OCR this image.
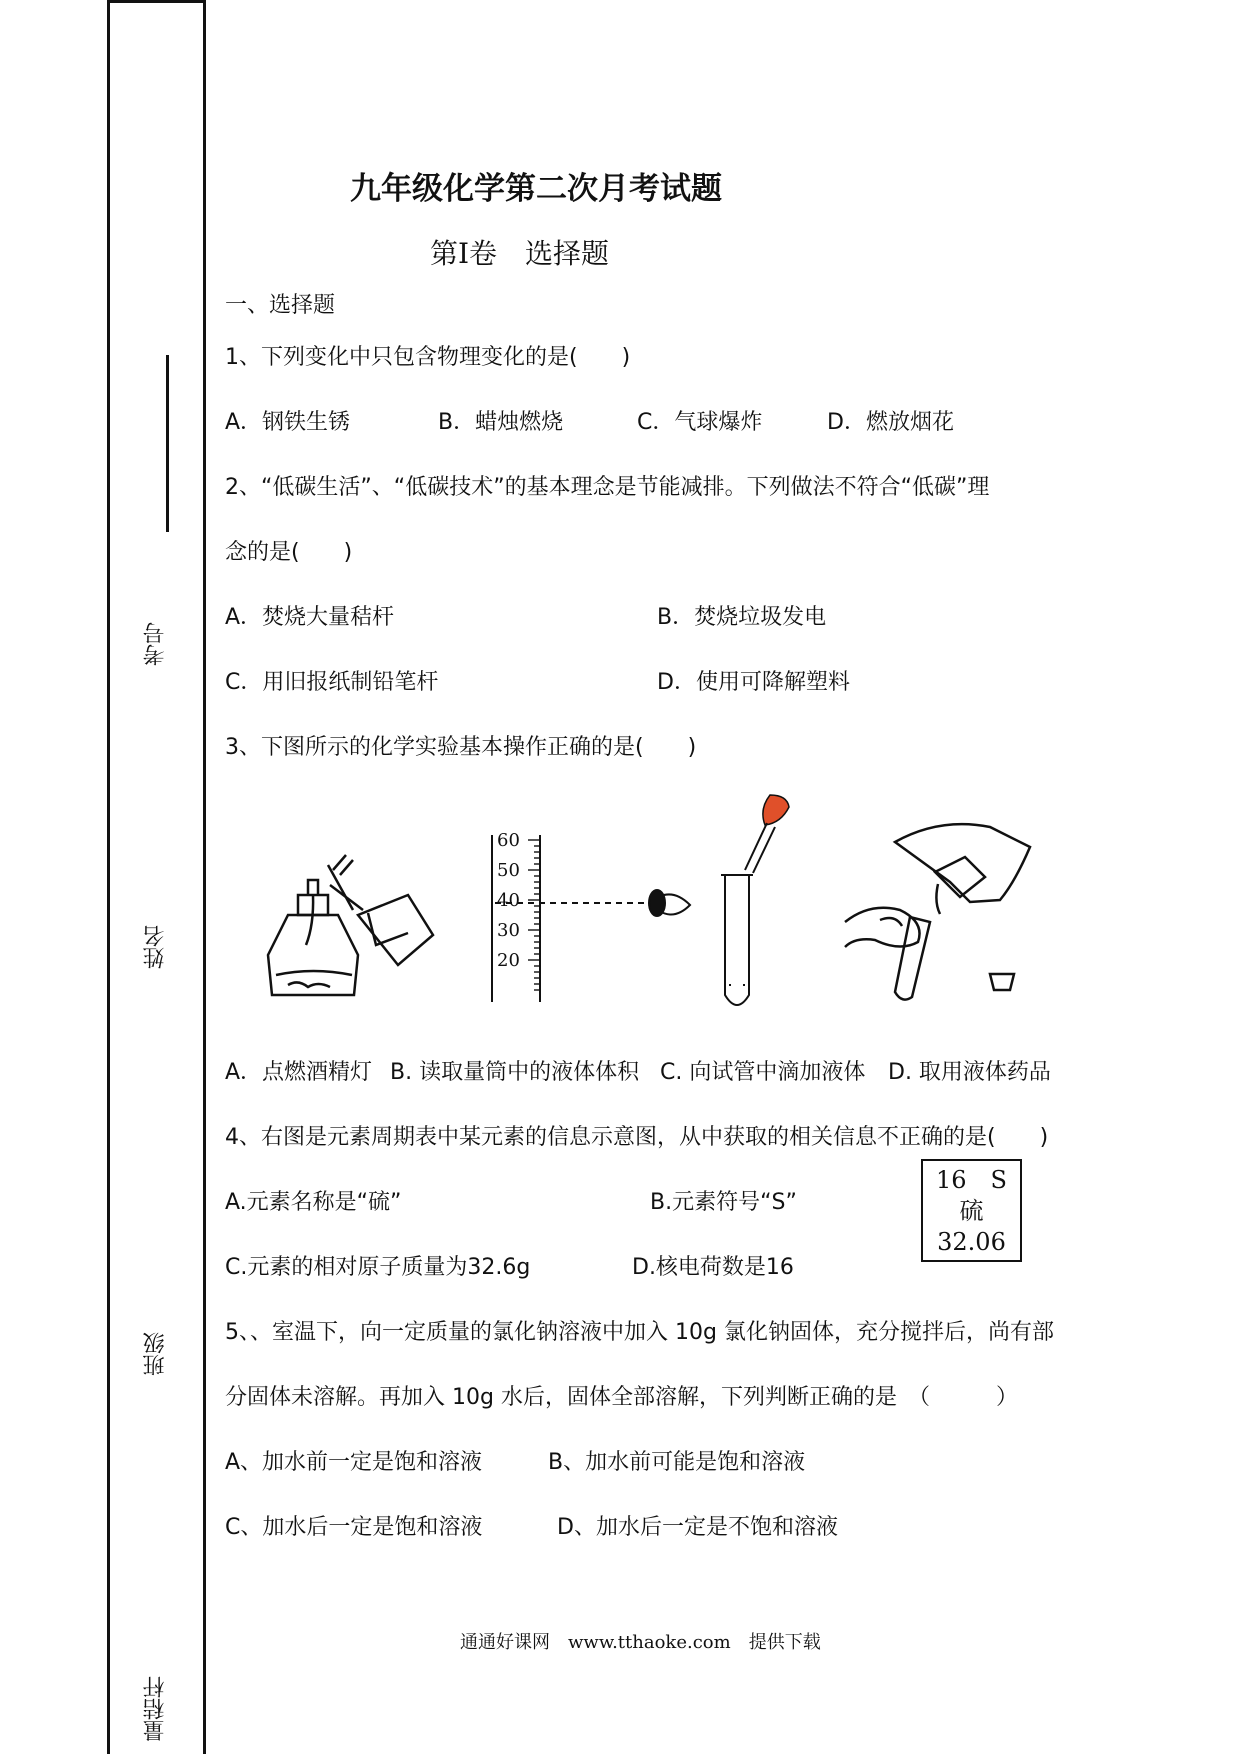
考号
姓名
班级
量秸杆
九年级化学第二次月考试题
第Ⅰ卷　选择题
一、选择题
1、下列变化中只包含物理变化的是(　　)
A．钢铁生锈	B．蜡烛燃烧	C．气球爆炸	D．燃放烟花
2、“低碳生活”、“低碳技术”的基本理念是节能减排。下列做法不符合“低碳”理
念的是(　　)
A．焚烧大量秸杆	B．焚烧垃圾发电
C．用旧报纸制铅笔杆	D．使用可降解塑料
3、下图所示的化学实验基本操作正确的是(　　)
60
50
40
30
20
A．点燃酒精灯 B. 读取量筒中的液体体积 C. 向试管中滴加液体 D. 取用液体药品
4、右图是元素周期表中某元素的信息示意图，从中获取的相关信息不正确的是(　　)
A.元素名称是“硫”	B.元素符号“S”
C.元素的相对原子质量为32.6g	D.核电荷数是16
16　S
硫
32.06
5、、室温下，向一定质量的氯化钠溶液中加入 10g 氯化钠固体，充分搅拌后，尚有部
分固体未溶解。再加入 10g 水后，固体全部溶解，下列判断正确的是　（　　　）
A、加水前一定是饱和溶液	B、加水前可能是饱和溶液
C、加水后一定是饱和溶液	D、加水后一定是不饱和溶液
通通好课网　www.tthaoke.com　提供下载
